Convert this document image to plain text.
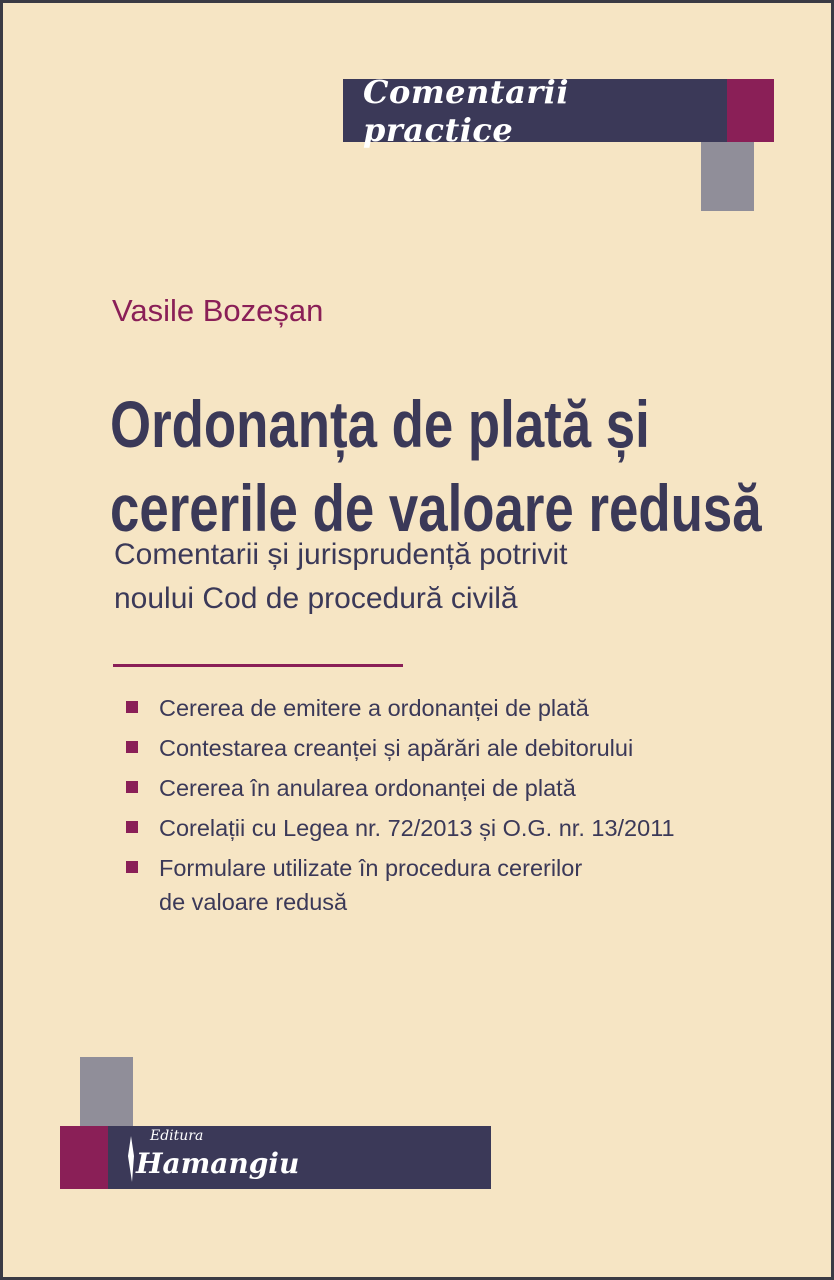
Comentarii practice
Vasile Bozeșan
Ordonanța de plată și
cererile de valoare redusă
Comentarii și jurisprudență potrivit
noului Cod de procedură civilă
Cererea de emitere a ordonanței de plată
Contestarea creanței și apărări ale debitorului
Cererea în anularea ordonanței de plată
Corelații cu Legea nr. 72/2013 și O.G. nr. 13/2011
Formulare utilizate în procedura cererilor
de valoare redusă
Editura
Hamangiu
